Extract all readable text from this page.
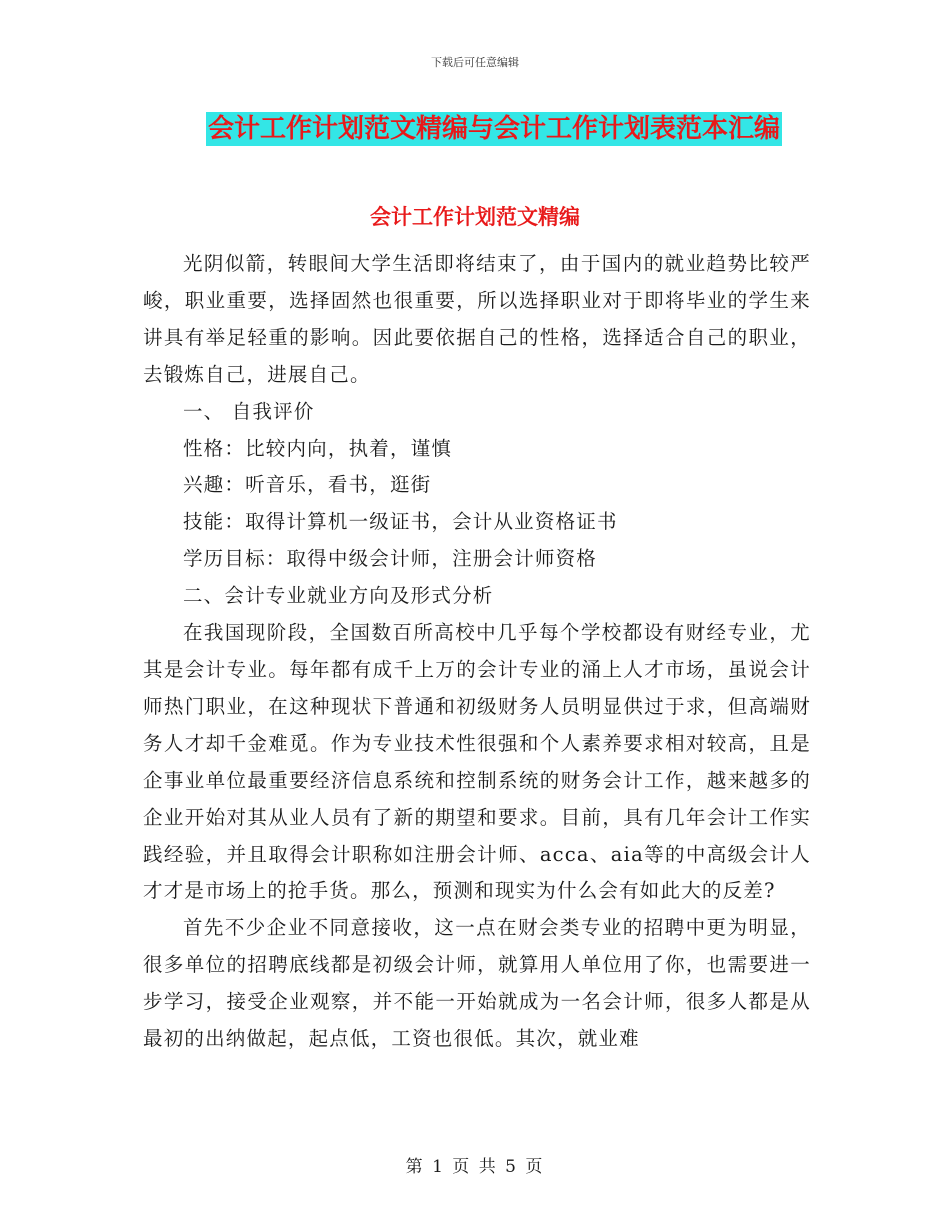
下载后可任意编辑
会计工作计划范文精编与会计工作计划表范本汇编
会计工作计划范文精编

光阴似箭，转眼间大学生活即将结束了，由于国内的就业趋势比较严峻，职业重要，选择固然也很重要，所以选择职业对于即将毕业的学生来讲具有举足轻重的影响。因此要依据自己的性格，选择适合自己的职业，去锻炼自己，进展自己。

一、 自我评价

性格：比较内向，执着，谨慎

兴趣：听音乐，看书，逛街

技能：取得计算机一级证书，会计从业资格证书

学历目标：取得中级会计师，注册会计师资格

二、会计专业就业方向及形式分析

在我国现阶段，全国数百所高校中几乎每个学校都设有财经专业，尤其是会计专业。每年都有成千上万的会计专业的涌上人才市场，虽说会计师热门职业，在这种现状下普通和初级财务人员明显供过于求，但高端财务人才却千金难觅。作为专业技术性很强和个人素养要求相对较高，且是企事业单位最重要经济信息系统和控制系统的财务会计工作，越来越多的企业开始对其从业人员有了新的期望和要求。目前，具有几年会计工作实践经验，并且取得会计职称如注册会计师、acca、aia等的中高级会计人才才是市场上的抢手货。那么，预测和现实为什么会有如此大的反差?

首先不少企业不同意接收，这一点在财会类专业的招聘中更为明显，很多单位的招聘底线都是初级会计师，就算用人单位用了你，也需要进一步学习，接受企业观察，并不能一开始就成为一名会计师，很多人都是从最初的出纳做起，起点低，工资也很低。其次，就业难

第 1 页 共 5 页
